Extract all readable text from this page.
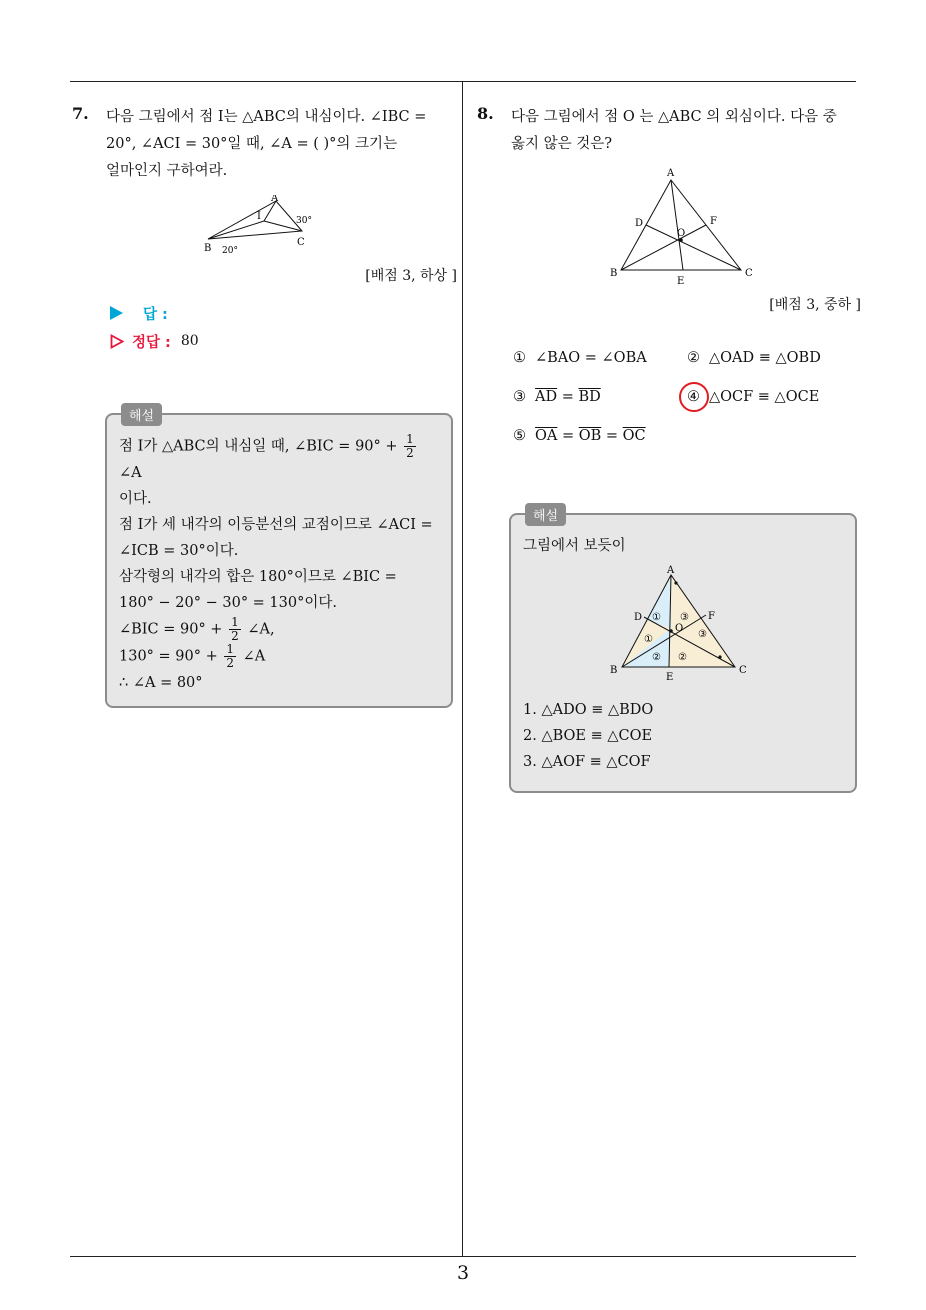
3
7.	다음 그림에서 점 I는 △ABC의 내심이다. ∠IBC =
20°, ∠ACI = 30°일 때, ∠A = ( )°의 크기는
얼마인지 구하여라.
A
B
C
I	30°
20°
[배점 3, 하상 ]
답 :
정답 : 80
해설
점 I가 △ABC의 내심일 때, ∠BIC = $90^\circ + \frac{1}{2}$
∠A
이다.
점 I가 세 내각의 이등분선의 교점이므로 ∠ACI =
∠ICB = 30°이다.
삼각형의 내각의 합은 180°이므로 ∠BIC =
180° − 20° − 30° = 130°이다.
∠BIC = $90^\circ + \frac{1}{2}$ ∠A,
$130^\circ = 90^\circ + \frac{1}{2}$ ∠A
∴ ∠A = 80°
8.	다음 그림에서 점 O 는 △ABC 의 외심이다. 다음 중
옳지 않은 것은?
A
B	C
D
E
F
O
[배점 3, 중하 ]
① ∠BAO = ∠OBA	② △OAD ≡ △OBD
③ $\overline{AD} = \overline{BD}$	④ △OCF ≡ △OCE
⑤ $\overline{OA} = \overline{OB} = \overline{OC}$
해설
그림에서 보듯이
A
B	C
D
E
F
O
① ③
①	③
② ②
1. △ADO ≡ △BDO
2. △BOE ≡ △COE
3. △AOF ≡ △COF
